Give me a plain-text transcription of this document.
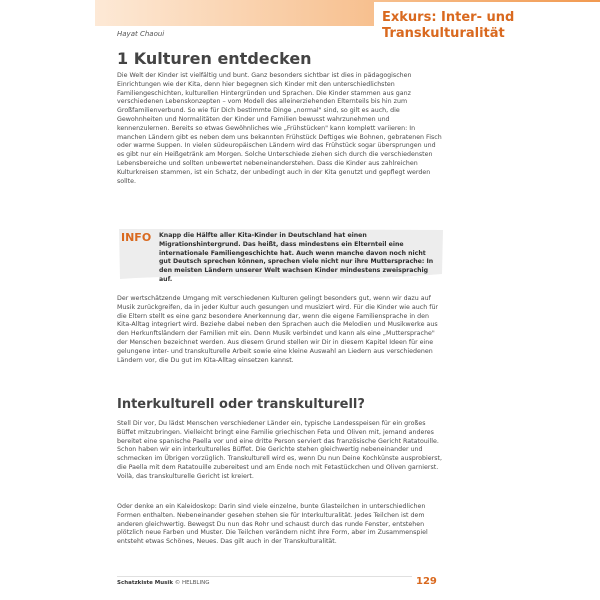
Exkurs: Inter- und Transkulturalität
Hayat Chaoui
1 Kulturen entdecken

Die Welt der Kinder ist vielfältig und bunt. Ganz besonders sichtbar ist dies in pädagogischen Einrichtungen wie der Kita, denn hier begegnen sich Kinder mit den unterschiedlichsten Familiengeschichten, kulturellen Hintergründen und Sprachen. Die Kinder stammen aus ganz verschiedenen Lebenskonzepten – vom Modell des alleinerziehenden Elternteils bis hin zum Großfamilienverbund. So wie für Dich bestimmte Dinge „normal" sind, so gilt es auch, die Gewohnheiten und Normalitäten der Kinder und Familien bewusst wahrzunehmen und kennenzulernen. Bereits so etwas Gewöhnliches wie „Frühstücken" kann komplett variieren: In manchen Ländern gibt es neben dem uns bekannten Frühstück Deftiges wie Bohnen, gebratenen Fisch oder warme Suppen. In vielen südeuropäischen Ländern wird das Frühstück sogar übersprungen und es gibt nur ein Heißgetränk am Morgen. Solche Unterschiede ziehen sich durch die verschiedensten Lebensbereiche und sollten unbewertet nebeneinanderstehen. Dass die Kinder aus zahlreichen Kulturkreisen stammen, ist ein Schatz, der unbedingt auch in der Kita genutzt und gepflegt werden sollte.

INFO Knapp die Hälfte aller Kita-Kinder in Deutschland hat einen Migrationshintergrund. Das heißt, dass mindestens ein Elternteil eine internationale Familiengeschichte hat. Auch wenn manche davon noch nicht gut Deutsch sprechen können, sprechen viele nicht nur ihre Muttersprache: In den meisten Ländern unserer Welt wachsen Kinder mindestens zweisprachig auf.

Der wertschätzende Umgang mit verschiedenen Kulturen gelingt besonders gut, wenn wir dazu auf Musik zurückgreifen, da in jeder Kultur auch gesungen und musiziert wird. Für die Kinder wie auch für die Eltern stellt es eine ganz besondere Anerkennung dar, wenn die eigene Familiensprache in den Kita-Alltag integriert wird. Beziehe dabei neben den Sprachen auch die Melodien und Musikwerke aus den Herkunftsländern der Familien mit ein. Denn Musik verbindet und kann als eine „Muttersprache" der Menschen bezeichnet werden. Aus diesem Grund stellen wir Dir in diesem Kapitel Ideen für eine gelungene inter- und transkulturelle Arbeit sowie eine kleine Auswahl an Liedern aus verschiedenen Ländern vor, die Du gut im Kita-Alltag einsetzen kannst.

Interkulturell oder transkulturell?

Stell Dir vor, Du lädst Menschen verschiedener Länder ein, typische Landesspeisen für ein großes Büffet mitzubringen. Vielleicht bringt eine Familie griechischen Feta und Oliven mit, jemand anderes bereitet eine spanische Paella vor und eine dritte Person serviert das französische Gericht Ratatouille. Schon haben wir ein interkulturelles Büffet. Die Gerichte stehen gleichwertig nebeneinander und schmecken im Übrigen vorzüglich. Transkulturell wird es, wenn Du nun Deine Kochkünste ausprobierst, die Paella mit dem Ratatouille zubereitest und am Ende noch mit Fetastückchen und Oliven garnierst. Voilà, das transkulturelle Gericht ist kreiert.

Oder denke an ein Kaleidoskop: Darin sind viele einzelne, bunte Glasteilchen in unterschiedlichen Formen enthalten. Nebeneinander gesehen stehen sie für Interkulturalität. Jedes Teilchen ist dem anderen gleichwertig. Bewegst Du nun das Rohr und schaust durch das runde Fenster, entstehen plötzlich neue Farben und Muster. Die Teilchen verändern nicht ihre Form, aber im Zusammenspiel entsteht etwas Schönes, Neues. Das gilt auch in der Transkulturalität.

Schatzkiste Musik © HELBLING	129
